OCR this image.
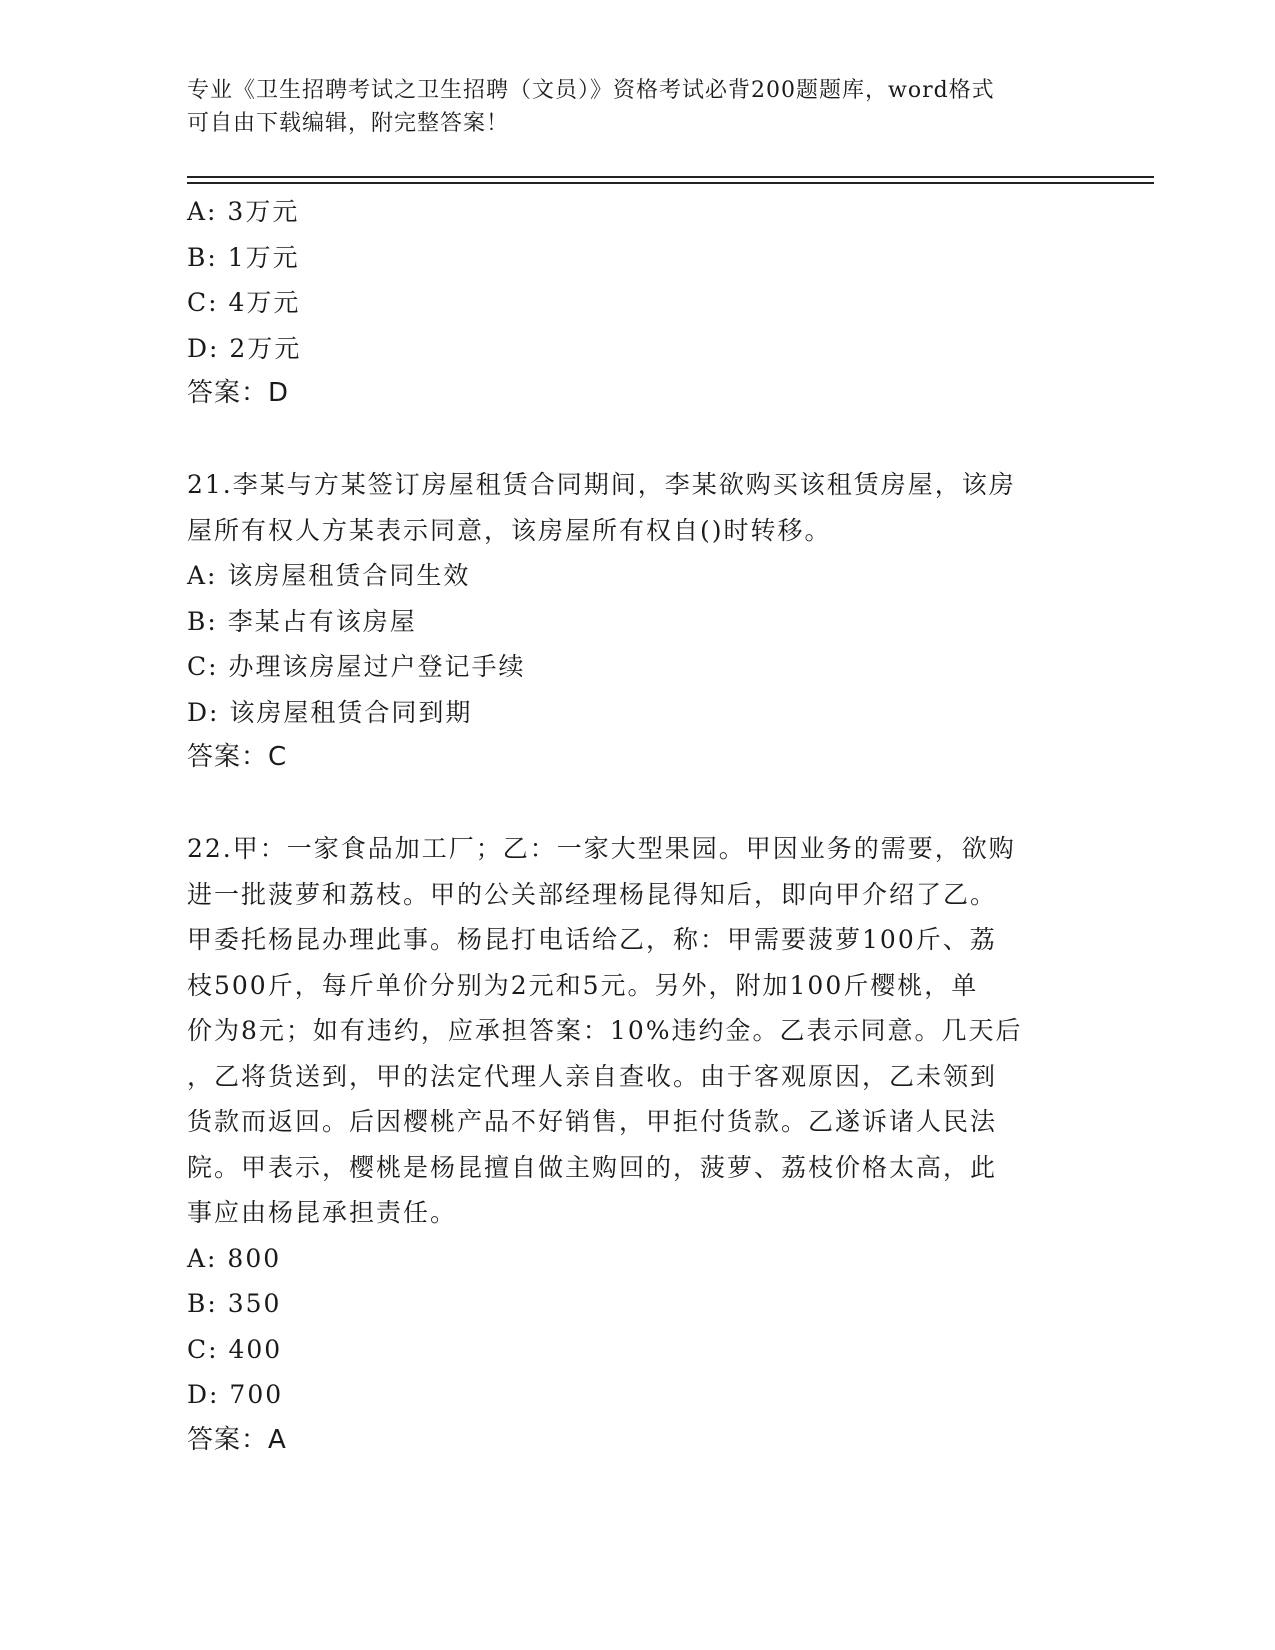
专业《卫生招聘考试之卫生招聘（文员）》资格考试必背200题题库，word格式
可自由下载编辑，附完整答案！
A: 3万元
B: 1万元
C: 4万元
D: 2万元
答案：D
21.李某与方某签订房屋租赁合同期间，李某欲购买该租赁房屋，该房
屋所有权人方某表示同意，该房屋所有权自()时转移。
A: 该房屋租赁合同生效
B: 李某占有该房屋
C: 办理该房屋过户登记手续
D: 该房屋租赁合同到期
答案：C
22.甲：一家食品加工厂；乙：一家大型果园。甲因业务的需要，欲购
进一批菠萝和荔枝。甲的公关部经理杨昆得知后，即向甲介绍了乙。
甲委托杨昆办理此事。杨昆打电话给乙，称：甲需要菠萝100斤、荔
枝500斤，每斤单价分别为2元和5元。另外，附加100斤樱桃，单
价为8元；如有违约，应承担答案：10%违约金。乙表示同意。几天后
，乙将货送到，甲的法定代理人亲自查收。由于客观原因，乙未领到
货款而返回。后因樱桃产品不好销售，甲拒付货款。乙遂诉诸人民法
院。甲表示，樱桃是杨昆擅自做主购回的，菠萝、荔枝价格太高，此
事应由杨昆承担责任。
A: 800
B: 350
C: 400
D: 700
答案：A
